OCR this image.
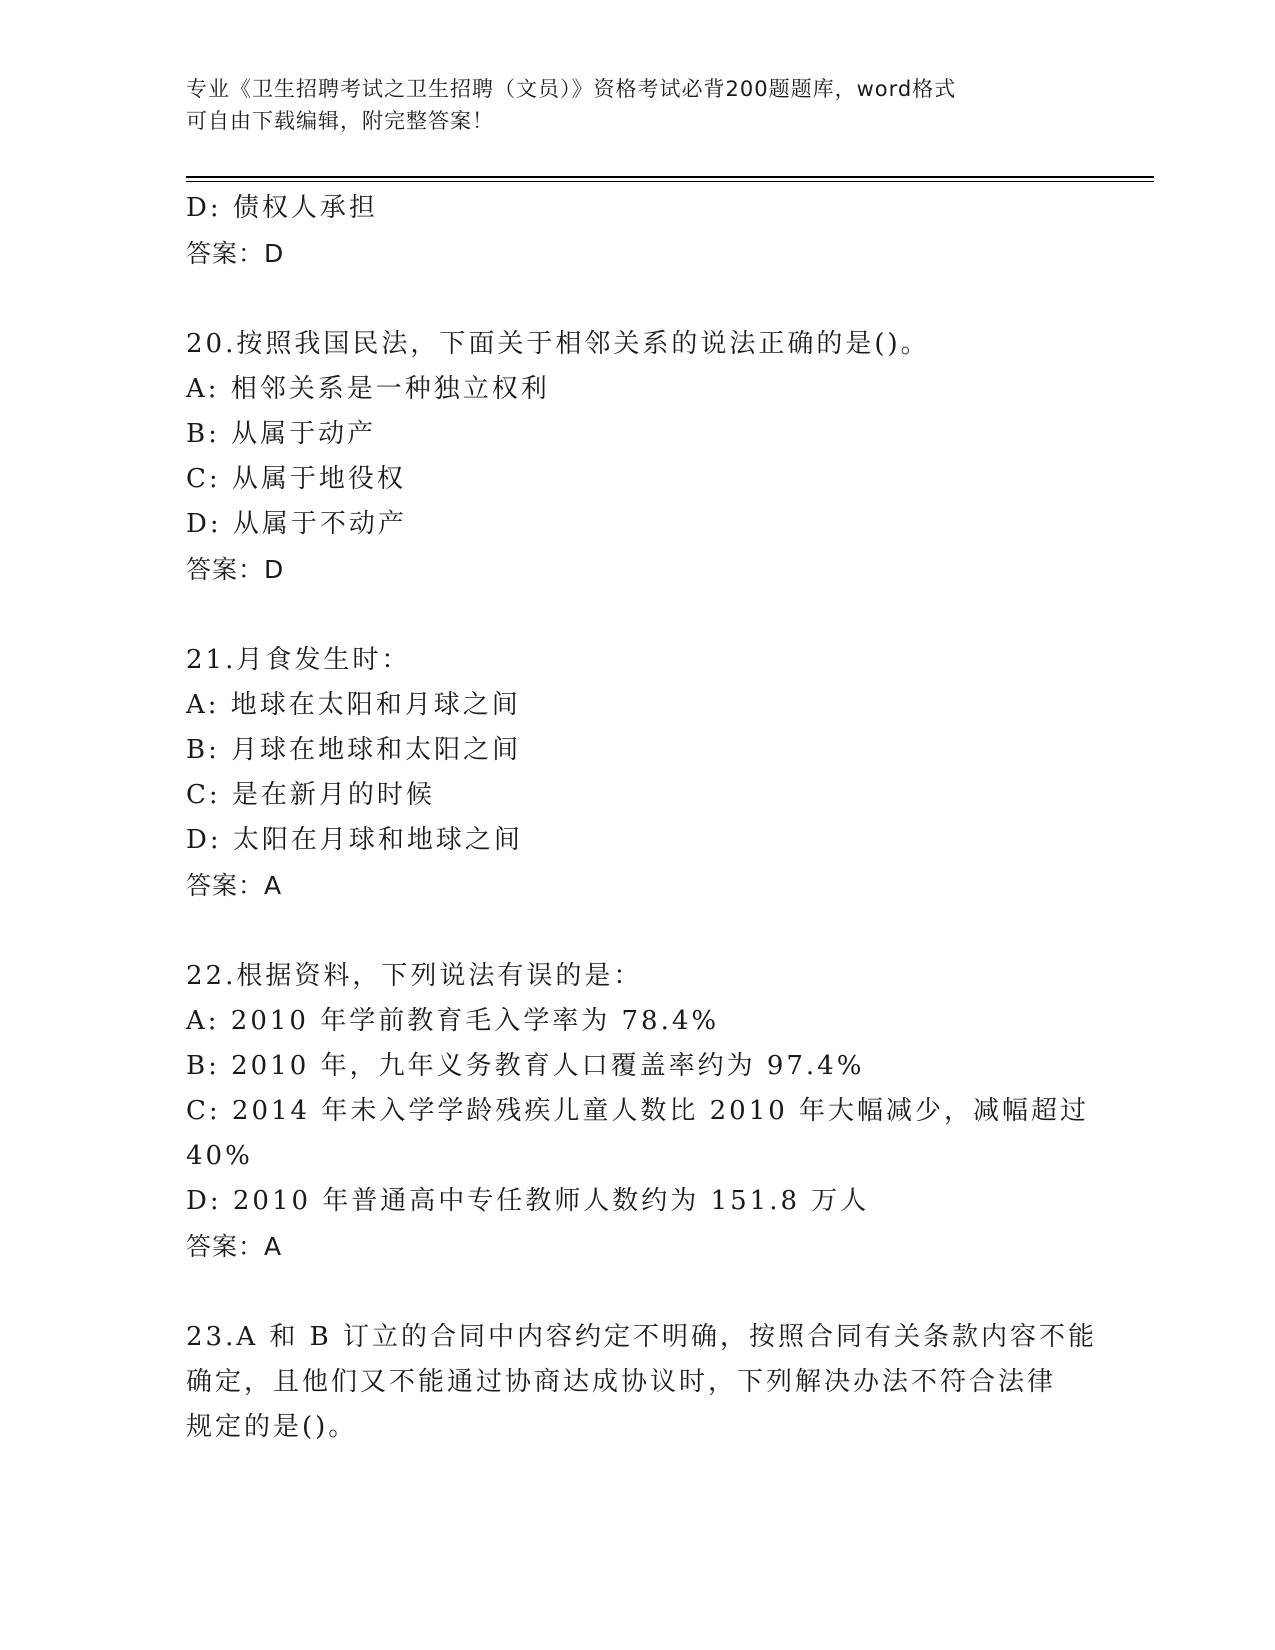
专业《卫生招聘考试之卫生招聘（文员）》资格考试必背200题题库，word格式
可自由下载编辑，附完整答案！
D: 债权人承担
答案：D
20.按照我国民法，下面关于相邻关系的说法正确的是()。
A: 相邻关系是一种独立权利
B: 从属于动产
C: 从属于地役权
D: 从属于不动产
答案：D
21.月食发生时：
A: 地球在太阳和月球之间
B: 月球在地球和太阳之间
C: 是在新月的时候
D: 太阳在月球和地球之间
答案：A
22.根据资料，下列说法有误的是：
A: 2010 年学前教育毛入学率为 78.4%
B: 2010 年，九年义务教育人口覆盖率约为 97.4%
C: 2014 年未入学学龄残疾儿童人数比 2010 年大幅减少，减幅超过
40%
D: 2010 年普通高中专任教师人数约为 151.8 万人
答案：A
23.A 和 B 订立的合同中内容约定不明确，按照合同有关条款内容不能
确定，且他们又不能通过协商达成协议时，下列解决办法不符合法律
规定的是()。
